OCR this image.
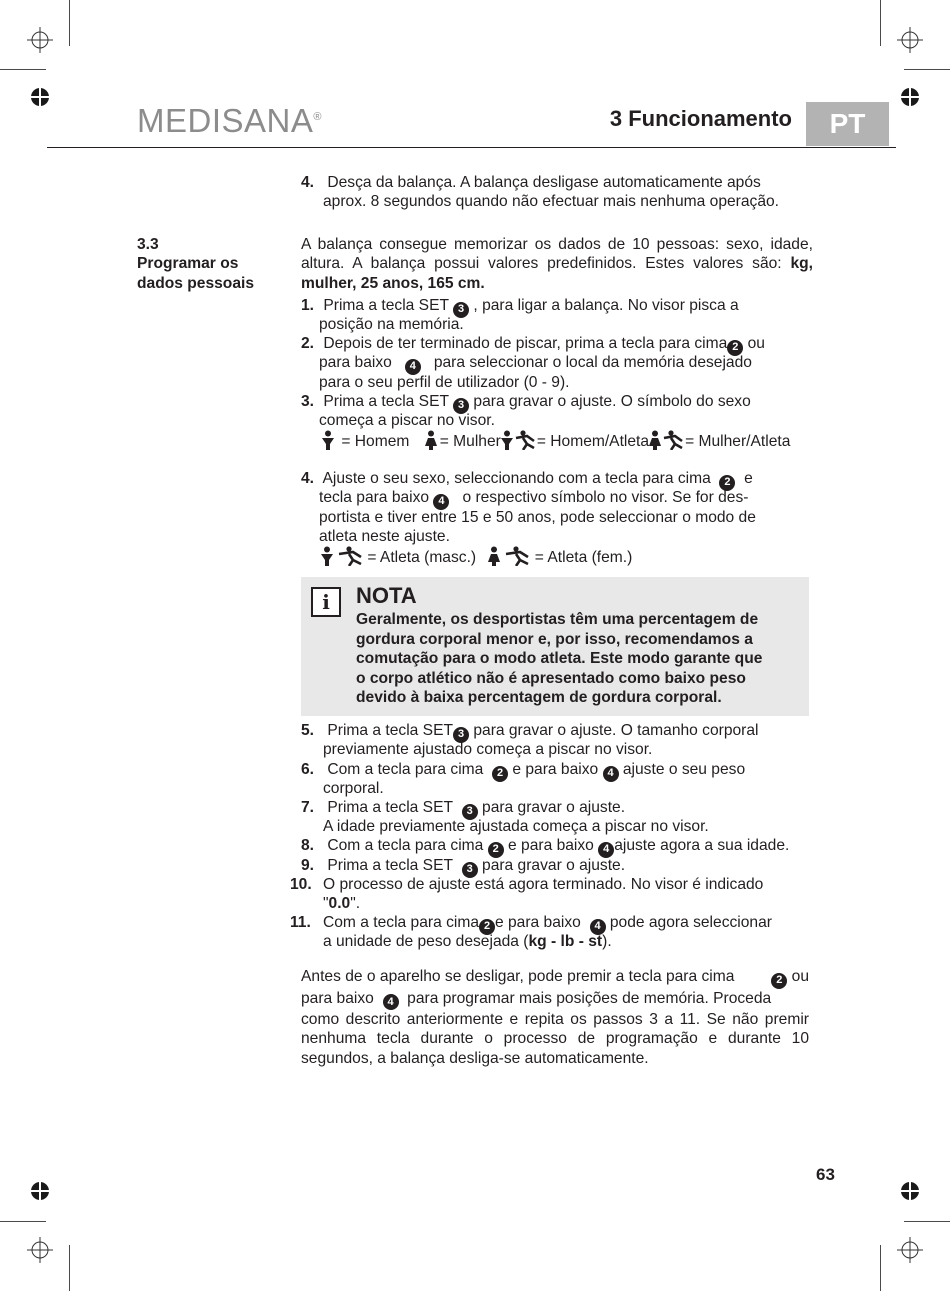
MEDISANA®	3 Funcionamento	PT
4. Desça da balança. A balança desligase automaticamente após
aprox. 8 segundos quando não efectuar mais nenhuma operação.
3.3
Programar os
dados pessoais
A balança consegue memorizar os dados de 10 pessoas: sexo, idade, altura. A balança possui valores predefinidos. Estes valores são: kg, mulher, 25 anos, 165 cm.
1. Prima a tecla SET 3 , para ligar a balança. No visor pisca a
posição na memória.
2. Depois de ter terminado de piscar, prima a tecla para cima 2 ou
para baixo 4 para seleccionar o local da memória desejado
para o seu perfil de utilizador (0 - 9).
3. Prima a tecla SET 3 para gravar o ajuste. O símbolo do sexo
começa a piscar no visor.
= Homem = Mulher = Homem/Atleta = Mulher/Atleta
4. Ajuste o seu sexo, seleccionando com a tecla para cima 2 e
tecla para baixo 4 o respectivo símbolo no visor. Se for des-
portista e tiver entre 15 e 50 anos, pode seleccionar o modo de
atleta neste ajuste.
= Atleta (masc.)	= Atleta (fem.)
i	NOTA
Geralmente, os desportistas têm uma percentagem de
gordura corporal menor e, por isso, recomendamos a
comutação para o modo atleta. Este modo garante que
o corpo atlético não é apresentado como baixo peso
devido à baixa percentagem de gordura corporal.
5. Prima a tecla SET 3 para gravar o ajuste. O tamanho corporal
previamente ajustado começa a piscar no visor.
6. Com a tecla para cima 2 e para baixo 4 ajuste o seu peso
corporal.
7. Prima a tecla SET 3 para gravar o ajuste.
A idade previamente ajustada começa a piscar no visor.
8. Com a tecla para cima 2 e para baixo 4 ajuste agora a sua idade.
9. Prima a tecla SET 3 para gravar o ajuste.
10. O processo de ajuste está agora terminado. No visor é indicado
"0.0".
11. Com a tecla para cima 2 e para baixo 4 pode agora seleccionar
a unidade de peso desejada (kg - lb - st).
Antes de o aparelho se desligar, pode premir a tecla para cima	2 ou
para baixo 4 para programar mais posições de memória. Proceda
como descrito anteriormente e repita os passos 3 a 11. Se não premir nenhuma tecla durante o processo de programação e durante 10 segundos, a balança desliga-se automaticamente.
63
